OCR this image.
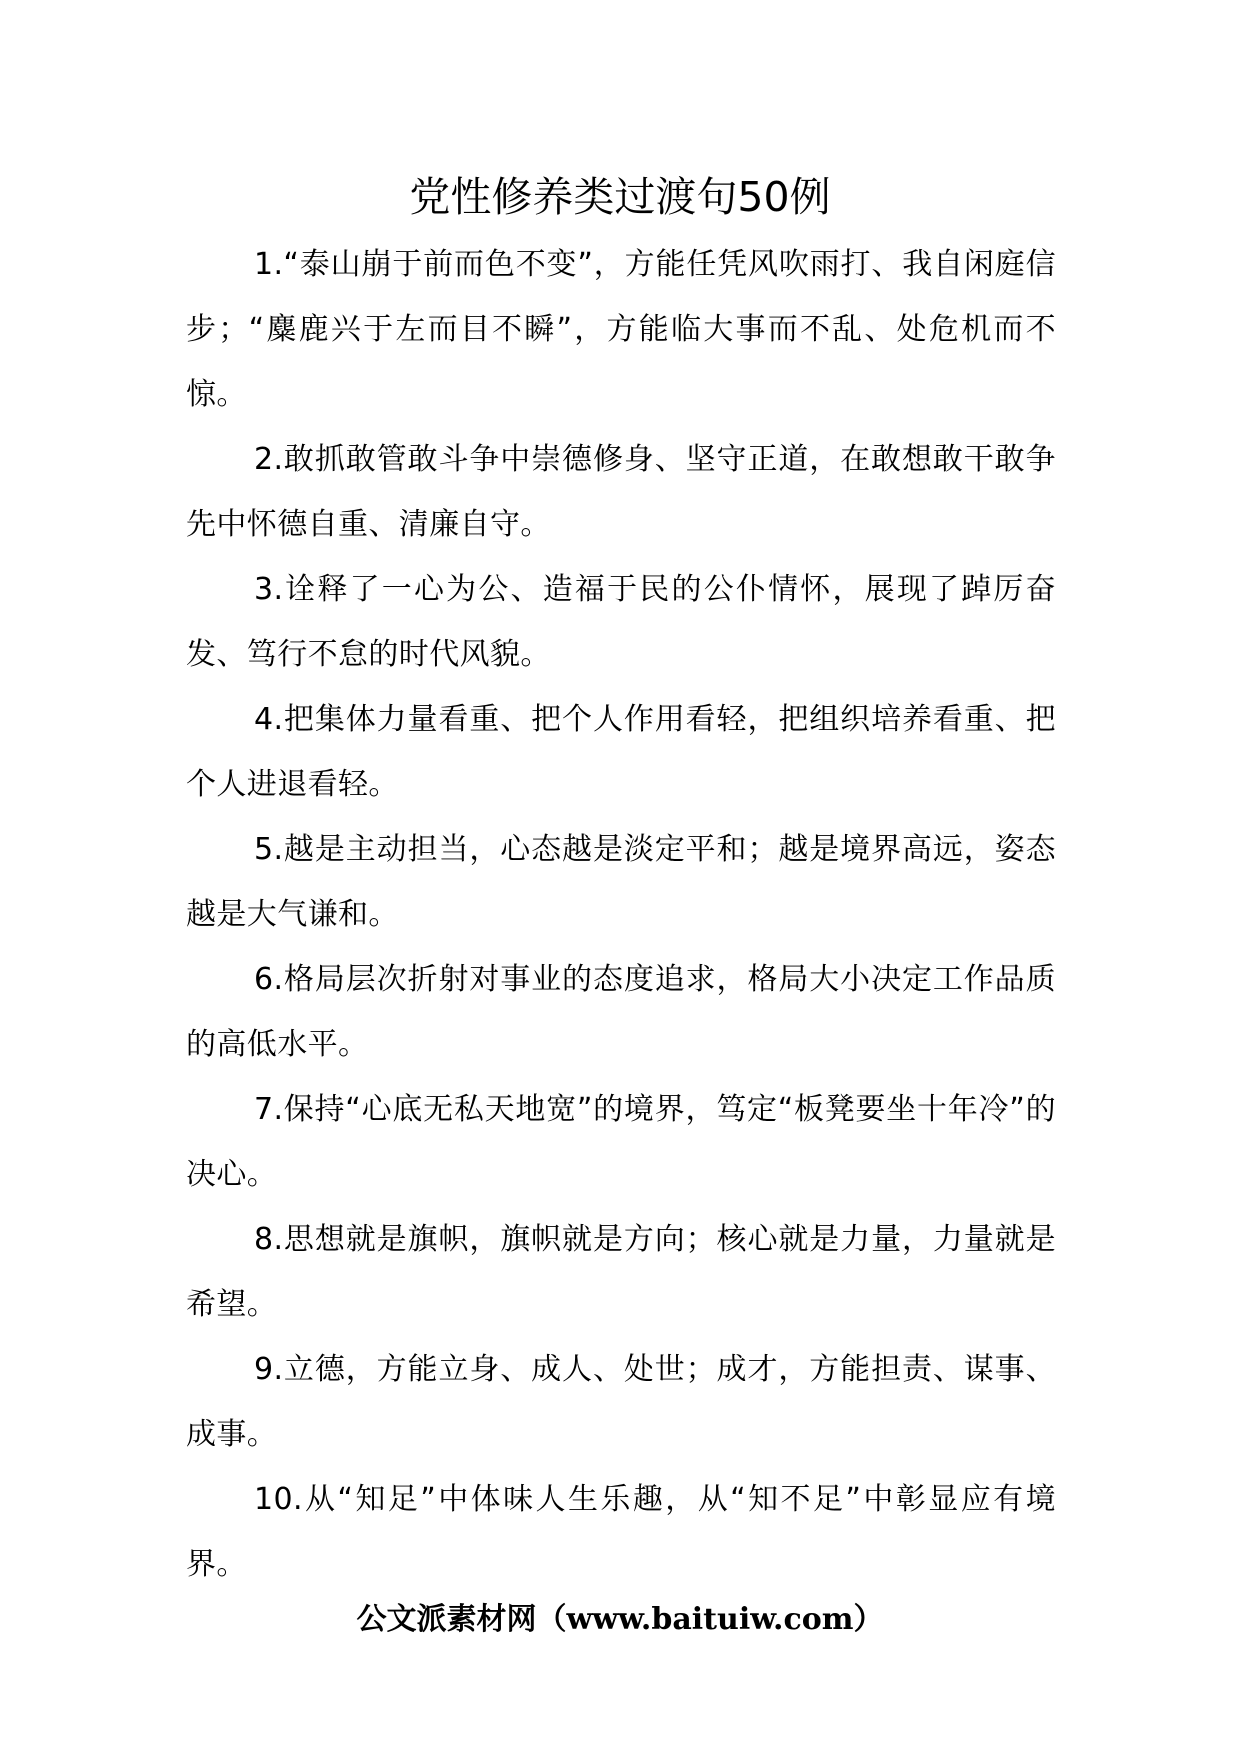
党性修养类过渡句50例

1.“泰山崩于前而色不变”，方能任凭风吹雨打、我自闲庭信步；“麋鹿兴于左而目不瞬”，方能临大事而不乱、处危机而不惊。

2.敢抓敢管敢斗争中崇德修身、坚守正道，在敢想敢干敢争先中怀德自重、清廉自守。

3.诠释了一心为公、造福于民的公仆情怀，展现了踔厉奋发、笃行不怠的时代风貌。

4.把集体力量看重、把个人作用看轻，把组织培养看重、把个人进退看轻。

5.越是主动担当，心态越是淡定平和；越是境界高远，姿态越是大气谦和。

6.格局层次折射对事业的态度追求，格局大小决定工作品质的高低水平。

7.保持“心底无私天地宽”的境界，笃定“板凳要坐十年冷”的决心。

8.思想就是旗帜，旗帜就是方向；核心就是力量，力量就是希望。

9.立德，方能立身、成人、处世；成才，方能担责、谋事、成事。

10.从“知足”中体味人生乐趣，从“知不足”中彰显应有境界。

公文派素材网（www.baituiw.com）
